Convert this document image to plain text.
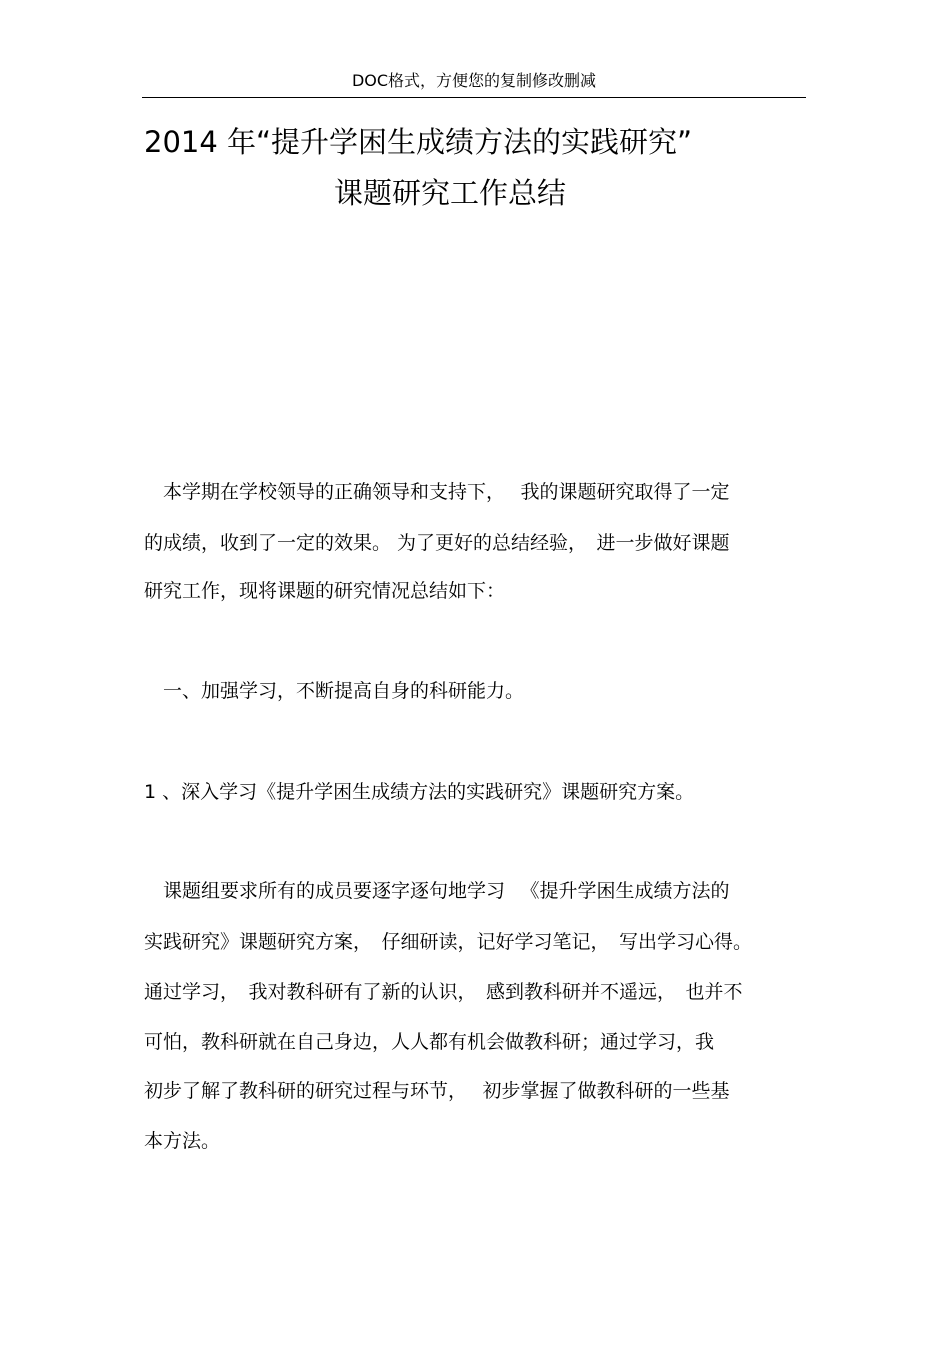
DOC格式，方便您的复制修改删减
2014 年“提升学困生成绩方法的实践研究”
课题研究工作总结
　本学期在学校领导的正确领导和支持下，　 我的课题研究取得了一定
的成绩，收到了一定的效果。 为了更好的总结经验，　进一步做好课题
研究工作，现将课题的研究情况总结如下：
　一、加强学习，不断提高自身的科研能力。
1 、深入学习《提升学困生成绩方法的实践研究》课题研究方案。
　课题组要求所有的成员要逐字逐句地学习 　《提升学困生成绩方法的
实践研究》课题研究方案，　仔细研读，记好学习笔记，　写出学习心得。
通过学习，　我对教科研有了新的认识，　感到教科研并不遥远，　也并不
可怕，教科研就在自己身边，人人都有机会做教科研；通过学习，我
初步了解了教科研的研究过程与环节，　 初步掌握了做教科研的一些基
本方法。
